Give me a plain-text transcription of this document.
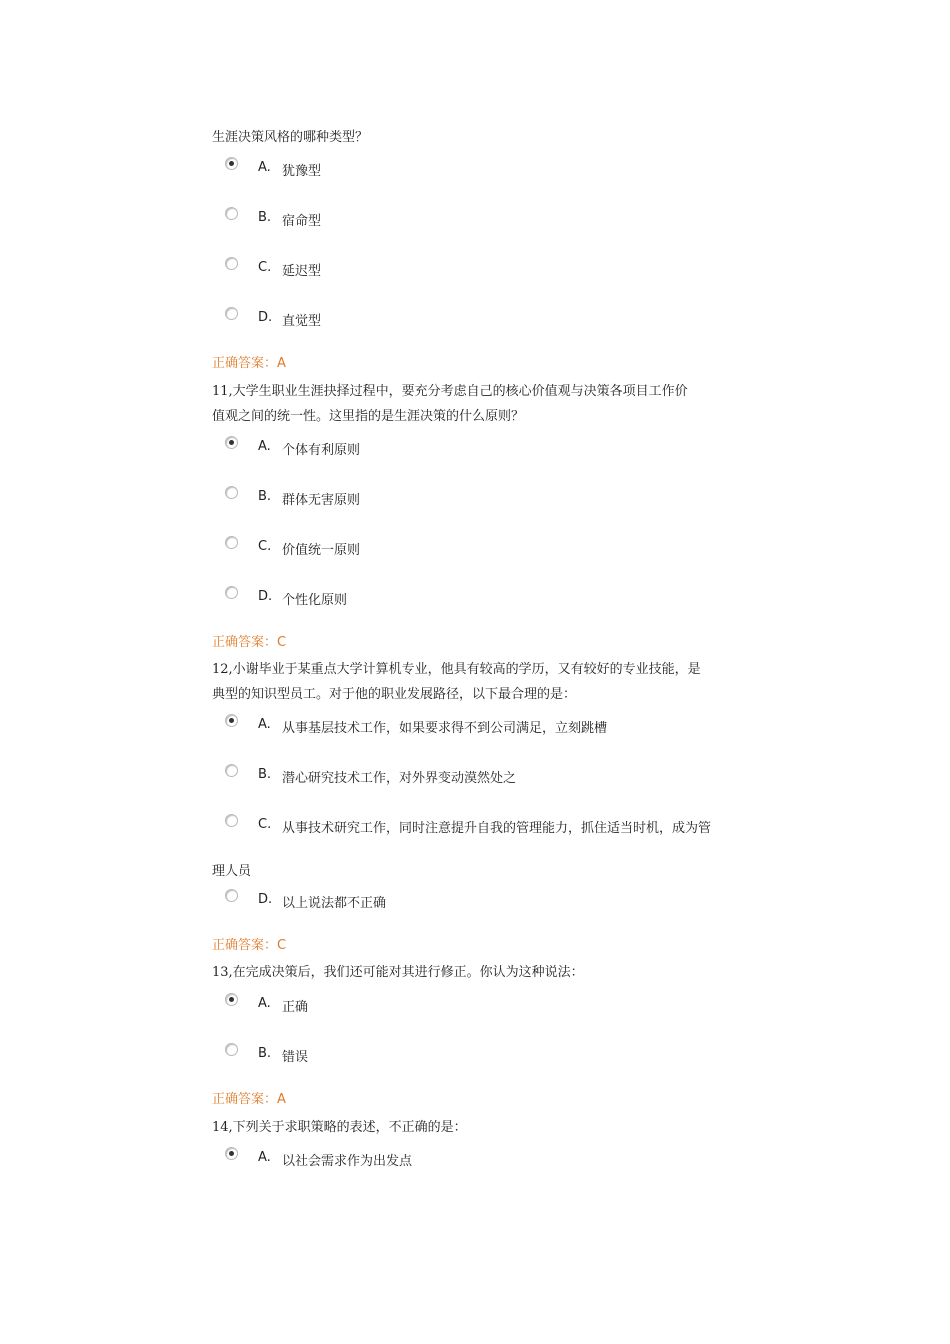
生涯决策风格的哪种类型？
A. 犹豫型
B. 宿命型
C. 延迟型
D. 直觉型
正确答案：A
11,大学生职业生涯抉择过程中，要充分考虑自己的核心价值观与决策各项目工作价
值观之间的统一性。这里指的是生涯决策的什么原则？
A. 个体有利原则
B. 群体无害原则
C. 价值统一原则
D. 个性化原则
正确答案：C
12,小谢毕业于某重点大学计算机专业，他具有较高的学历，又有较好的专业技能，是
典型的知识型员工。对于他的职业发展路径，以下最合理的是：
A. 从事基层技术工作，如果要求得不到公司满足，立刻跳槽
B. 潜心研究技术工作，对外界变动漠然处之
C. 从事技术研究工作，同时注意提升自我的管理能力，抓住适当时机，成为管
理人员
D. 以上说法都不正确
正确答案：C
13,在完成决策后，我们还可能对其进行修正。你认为这种说法：
A. 正确
B. 错误
正确答案：A
14,下列关于求职策略的表述，不正确的是：
A. 以社会需求作为出发点
